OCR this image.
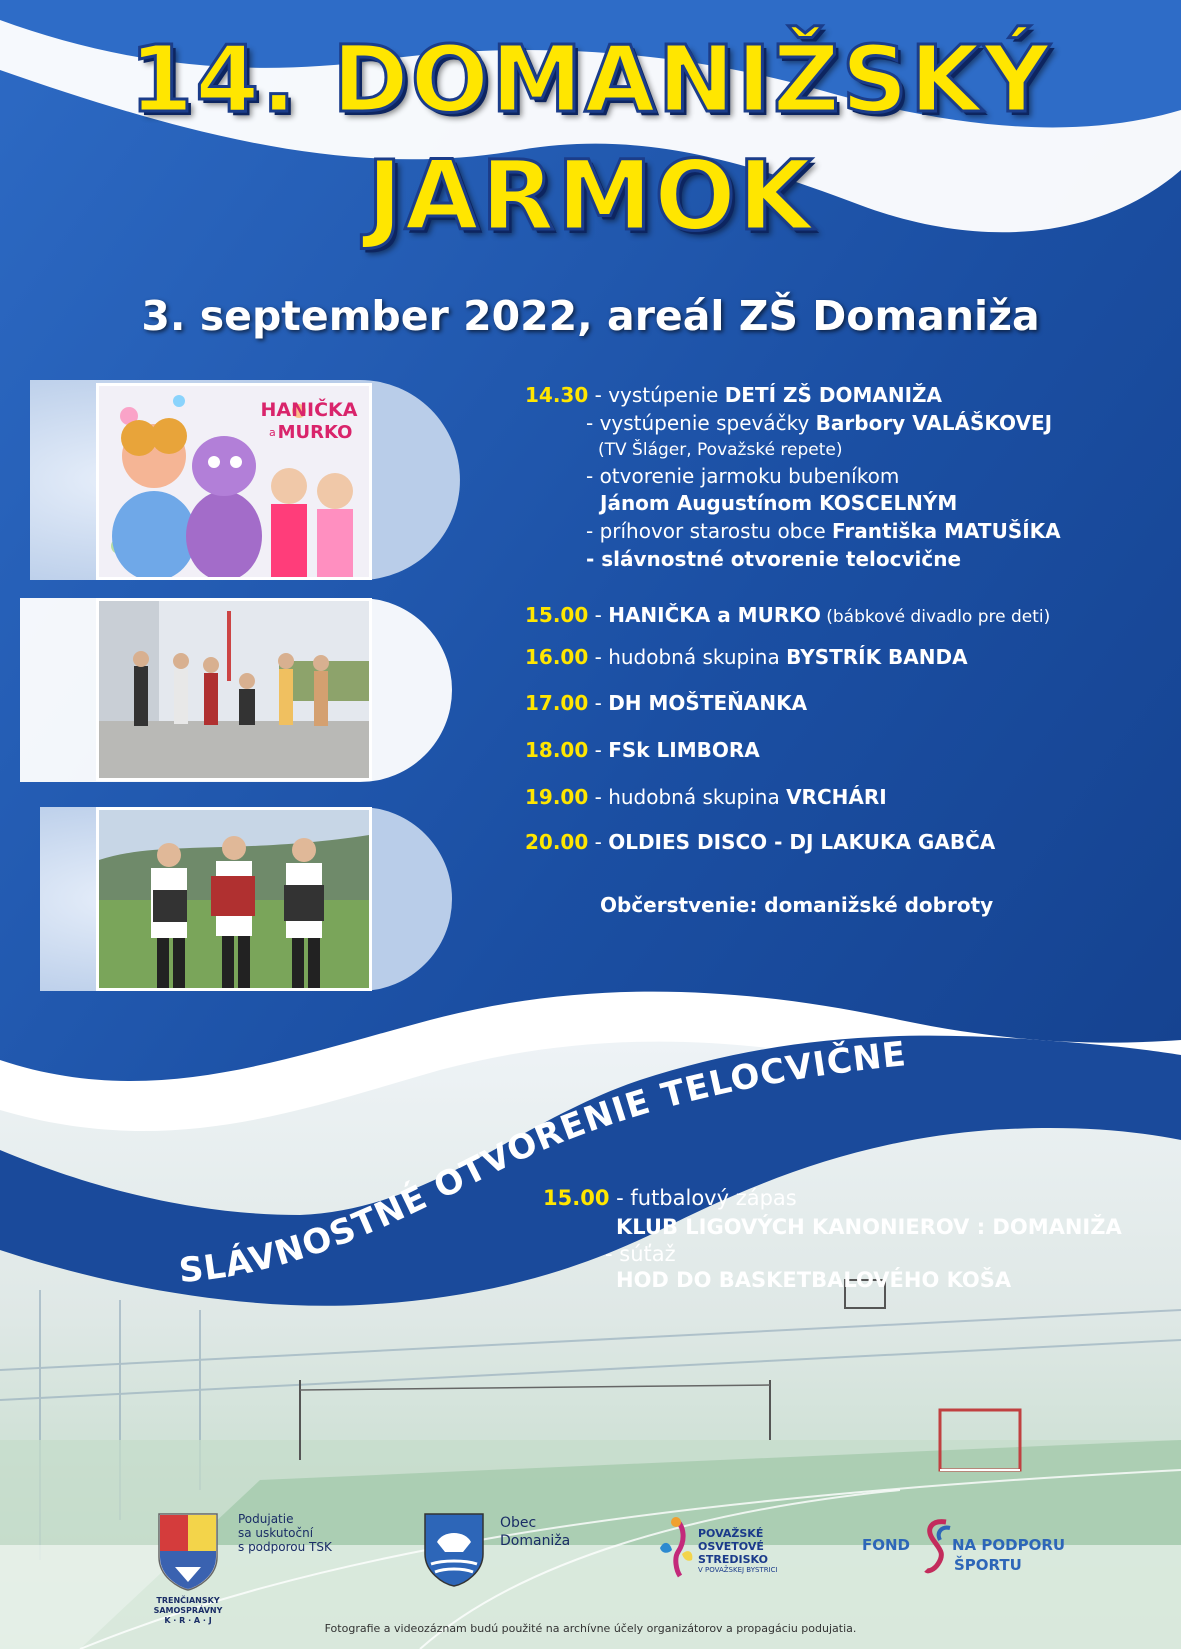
SLÁVNOSTNÉ OTVORENIE TELOCVIČNE
14. DOMANIŽSKÝ
JARMOK
3. september 2022, areál ZŠ Domaniža
HANIČKA
a MURKO
14.30 - vystúpenie DETÍ ZŠ DOMANIŽA
- vystúpenie speváčky Barbory VALÁŠKOVEJ
(TV Šláger, Považské repete)
- otvorenie jarmoku bubeníkom
Jánom Augustínom KOSCELNÝM
- príhovor starostu obce Františka MATUŠÍKA
- slávnostné otvorenie telocvične
15.00 - HANIČKA a MURKO (bábkové divadlo pre deti)
16.00 - hudobná skupina BYSTRÍK BANDA
17.00 - DH MOŠTEŇANKA
18.00 - FSk LIMBORA
19.00 - hudobná skupina VRCHÁRI
20.00 - OLDIES DISCO - DJ LAKUKA GABČA
Občerstvenie: domanižské dobroty
15.00 - futbalový zápas
KLUB LIGOVÝCH KANONIEROV : DOMANIŽA
- súťaž
HOD DO BASKETBALOVÉHO KOŠA
Podujatie
sa uskutoční
s podporou TSK
TRENČIANSKY
SAMOSPRÁVNY
K · R · A · J
Obec
Domaniža	POVAŽSKÉ
OSVETOVÉ
STREDISKO
V POVAŽSKEJ BYSTRICI
FOND	NA PODPORU
ŠPORTU
Fotografie a videozáznam budú použité na archívne účely organizátorov a propagáciu podujatia.
